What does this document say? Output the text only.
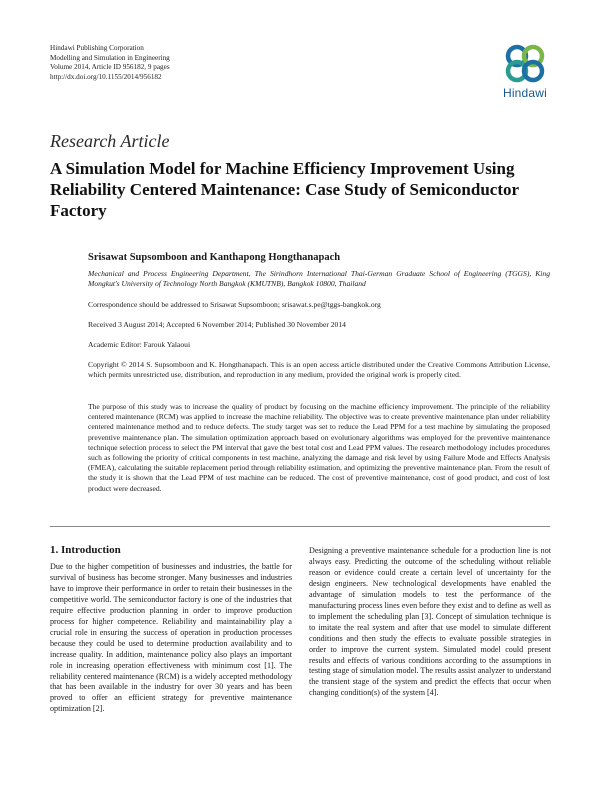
Hindawi Publishing Corporation
Modelling and Simulation in Engineering
Volume 2014, Article ID 956182, 9 pages
http://dx.doi.org/10.1155/2014/956182
Hindawi
Research Article
A Simulation Model for Machine Efficiency Improvement Using Reliability Centered Maintenance: Case Study of Semiconductor Factory
Srisawat Supsomboon and Kanthapong Hongthanapach
Mechanical and Process Engineering Department, The Sirindhorn International Thai-German Graduate School of Engineering (TGGS), King Mongkut's University of Technology North Bangkok (KMUTNB), Bangkok 10800, Thailand
Correspondence should be addressed to Srisawat Supsomboon; srisawat.s.pe@tggs-bangkok.org
Received 3 August 2014; Accepted 6 November 2014; Published 30 November 2014
Academic Editor: Farouk Yalaoui
Copyright © 2014 S. Supsomboon and K. Hongthanapach. This is an open access article distributed under the Creative Commons Attribution License, which permits unrestricted use, distribution, and reproduction in any medium, provided the original work is properly cited.
The purpose of this study was to increase the quality of product by focusing on the machine efficiency improvement. The principle of the reliability centered maintenance (RCM) was applied to increase the machine reliability. The objective was to create preventive maintenance plan under reliability centered maintenance method and to reduce defects. The study target was set to reduce the Lead PPM for a test machine by simulating the proposed preventive maintenance plan. The simulation optimization approach based on evolutionary algorithms was employed for the preventive maintenance technique selection process to select the PM interval that gave the best total cost and Lead PPM values. The research methodology includes procedures such as following the priority of critical components in test machine, analyzing the damage and risk level by using Failure Mode and Effects Analysis (FMEA), calculating the suitable replacement period through reliability estimation, and optimizing the preventive maintenance plan. From the result of the study it is shown that the Lead PPM of test machine can be reduced. The cost of preventive maintenance, cost of good product, and cost of lost product were decreased.
1. Introduction
Due to the higher competition of businesses and industries, the battle for survival of business has become stronger. Many businesses and industries have to improve their performance in order to retain their businesses in the competitive world. The semiconductor factory is one of the industries that require effective production planning in order to improve production process for higher competence. Reliability and maintainability play a crucial role in ensuring the success of operation in production processes because they could be used to determine production availability and to increase quality. In addition, maintenance policy also plays an important role in increasing operation effectiveness with minimum cost [1]. The reliability centered maintenance (RCM) is a widely accepted methodology that has been available in the industry for over 30 years and has been proved to offer an efficient strategy for preventive maintenance optimization [2].
Designing a preventive maintenance schedule for a production line is not always easy. Predicting the outcome of the scheduling without reliable reason or evidence could create a certain level of uncertainty for the design engineers. New technological developments have enabled the advantage of simulation models to test the performance of the manufacturing process lines even before they exist and to define as well as to implement the scheduling plan [3]. Concept of simulation technique is to imitate the real system and after that use model to simulate different conditions and then study the effects to evaluate possible strategies in order to improve the current system. Simulated model could present results and effects of various conditions according to the assumptions in testing stage of simulation model. The results assist analyzer to understand the transient stage of the system and predict the effects that occur when changing condition(s) of the system [4].
